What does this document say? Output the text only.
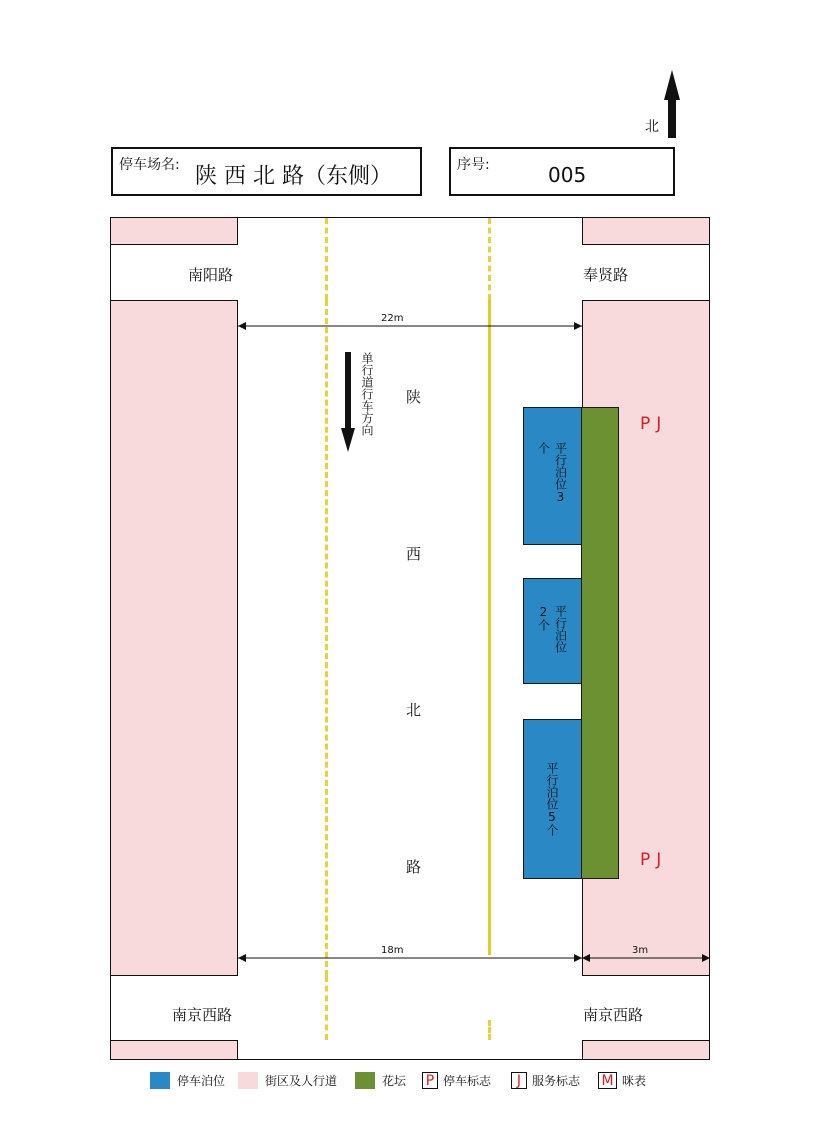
北
停车场名: 陕 西 北 路（东侧）	序号:	005
南阳路	奉贤路
南京西路	南京西路
22m
单行道行车方向 陕
西
北
路
平行泊位3个
平行泊位2个
平行泊位5个
PJ
PJ
18m	3m
停车泊位	街区及人行道	花坛 P 停车标志	J 服务标志 M 咪表
